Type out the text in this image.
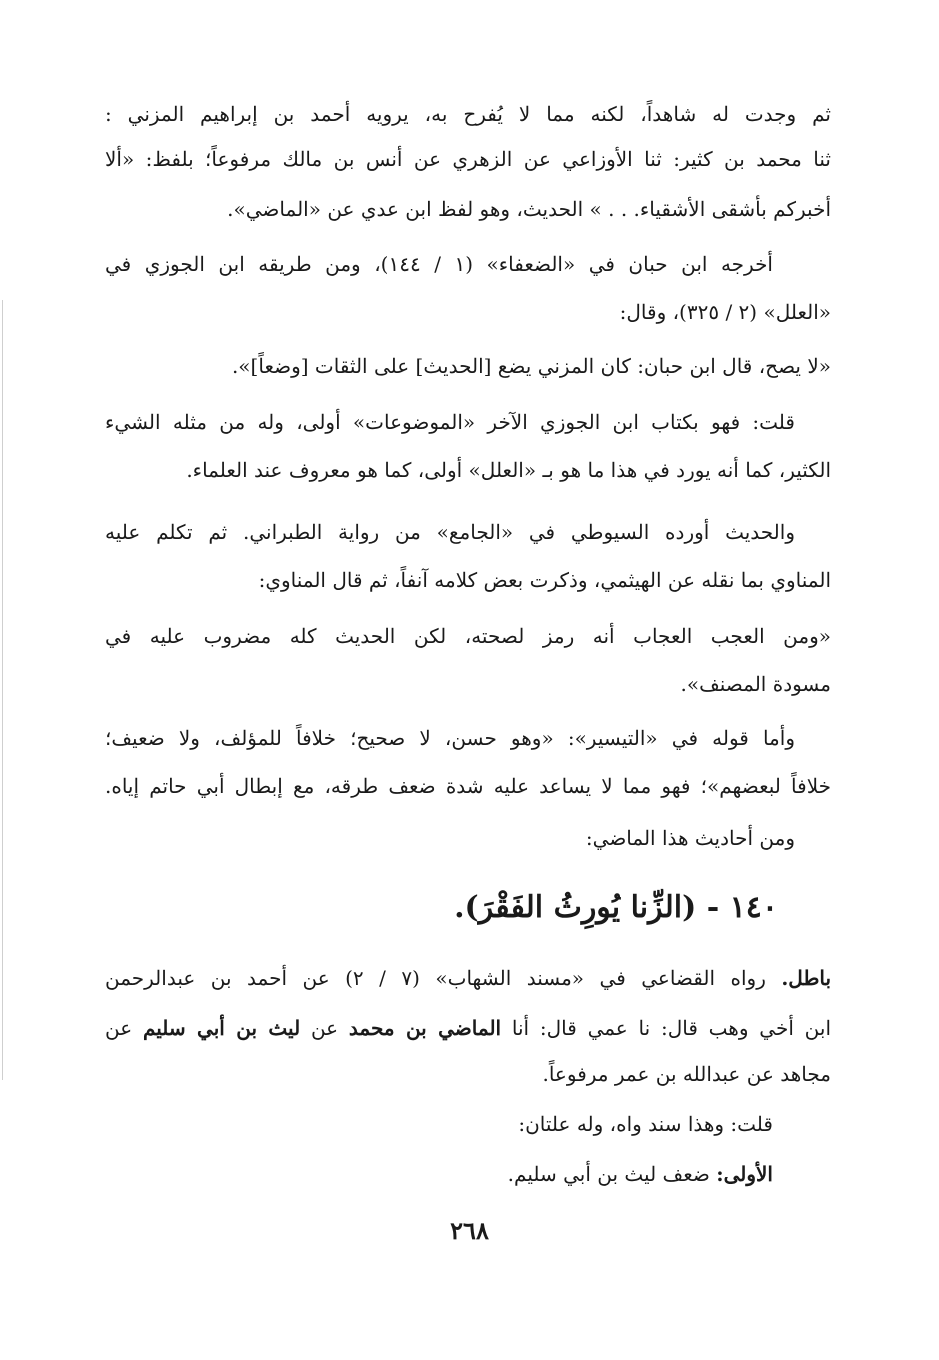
ثم وجدت له شاهداً، لكنه مما لا يُفرح به، يرويه أحمد بن إبراهيم المزني :
ثنا محمد بن كثير: ثنا الأوزاعي عن الزهري عن أنس بن مالك مرفوعاً؛ بلفظ: «ألا
أخبركم بأشقى الأشقياء. . . » الحديث، وهو لفظ ابن عدي عن «الماضي».
أخرجه ابن حبان في «الضعفاء» (١ / ١٤٤)، ومن طريقه ابن الجوزي في
«العلل» (٢ / ٣٢٥)، وقال:
«لا يصح، قال ابن حبان: كان المزني يضع [الحديث] على الثقات [وضعاً]».
قلت: فهو بكتاب ابن الجوزي الآخر «الموضوعات» أولى، وله من مثله الشيء
الكثير، كما أنه يورد في هذا ما هو بـ «العلل» أولى، كما هو معروف عند العلماء.
والحديث أورده السيوطي في «الجامع» من رواية الطبراني. ثم تكلم عليه
المناوي بما نقله عن الهيثمي، وذكرت بعض كلامه آنفاً، ثم قال المناوي:
«ومن العجب العجاب أنه رمز لصحته، لكن الحديث كله مضروب عليه في
مسودة المصنف».
وأما قوله في «التيسير»: «وهو حسن، لا صحيح؛ خلافاً للمؤلف، ولا ضعيف؛
خلافاً لبعضهم»؛ فهو مما لا يساعد عليه شدة ضعف طرقه، مع إبطال أبي حاتم إياه.
ومن أحاديث هذا الماضي:
١٤٠ - (الزِّنا يُورِثُ الفَقْرَ).
باطل. رواه القضاعي في «مسند الشهاب» (٧ / ٢) عن أحمد بن عبدالرحمن
ابن أخي وهب قال: نا عمي قال: أنا الماضي بن محمد عن ليث بن أبي سليم عن
مجاهد عن عبدالله بن عمر مرفوعاً.
قلت: وهذا سند واه، وله علتان:
الأولى: ضعف ليث بن أبي سليم.
٢٦٨
